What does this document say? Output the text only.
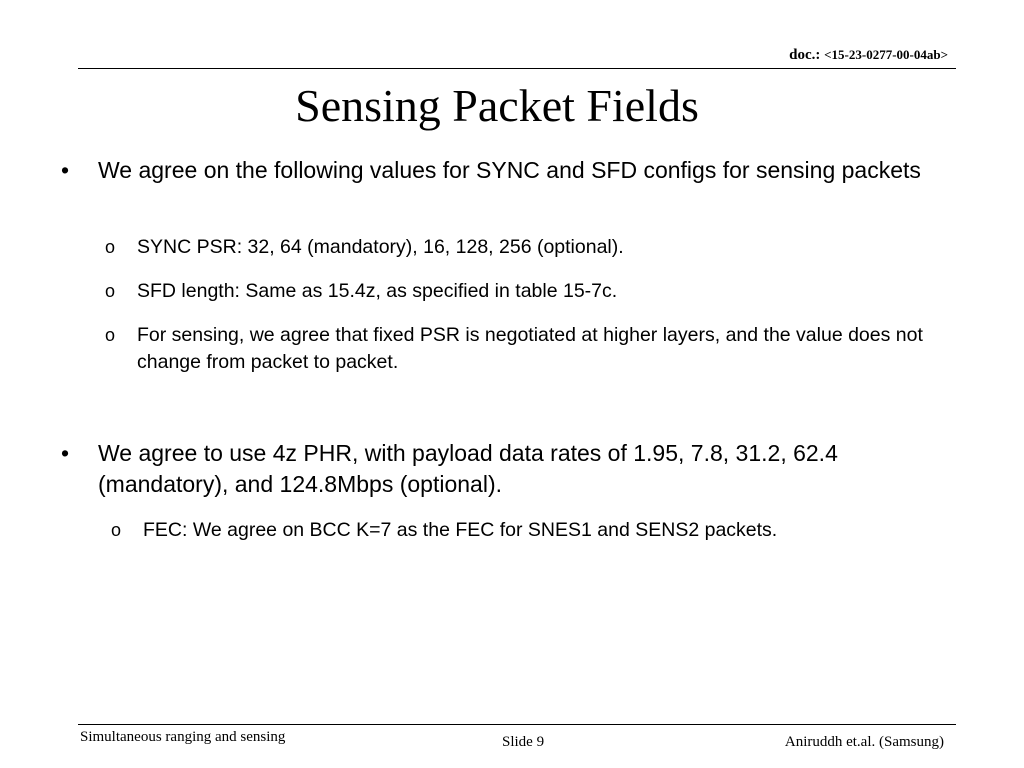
doc.: <15-23-0277-00-04ab>
Sensing Packet Fields
• We agree on the following values for SYNC and SFD configs for sensing packets
o SYNC PSR: 32, 64 (mandatory), 16, 128, 256 (optional).
o SFD length: Same as 15.4z, as specified in table 15-7c.
o For sensing, we agree that fixed PSR is negotiated at higher layers, and the value does not change from packet to packet.
• We agree to use 4z PHR, with payload data rates of 1.95, 7.8, 31.2, 62.4 (mandatory), and 124.8Mbps (optional).
o FEC: We agree on BCC K=7 as the FEC for SNES1 and SENS2 packets.
Simultaneous ranging and sensing	Slide 9	Aniruddh et.al. (Samsung)
